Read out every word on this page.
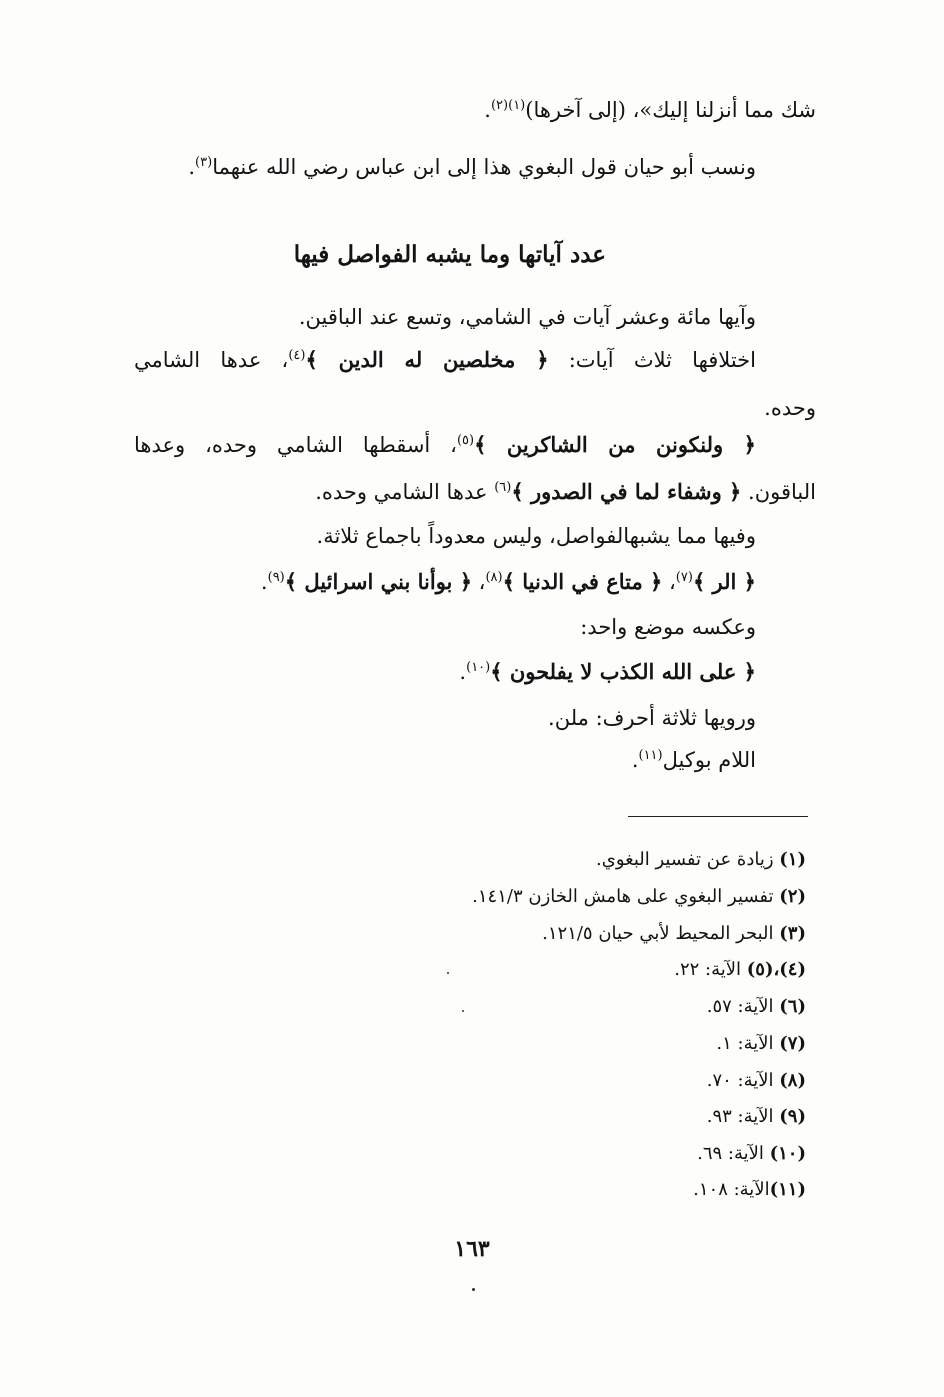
شك مما أنزلنا إليك»، (إلى آخرها)$^{(١)(٢)}$.
ونسب أبو حيان قول البغوي هذا إلى ابن عباس رضي الله عنهما$^{(٣)}$.
عدد آياتها وما يشبه الفواصل فيها
وآيها مائة وعشر آيات في الشامي، وتسع عند الباقين.
اختلافها ثلاث آيات: ﴿ مخلصين له الدين ﴾$^{(٤)}$، عدها الشامي
وحده.
﴿ ولنكونن من الشاكرين ﴾$^{(٥)}$، أسقطها الشامي وحده، وعدها
الباقون. ﴿ وشفاء لما في الصدور ﴾$^{(٦)}$ عدها الشامي وحده.
وفيها مما يشبهالفواصل، وليس معدوداً باجماع ثلاثة.
﴿ الر ﴾$^{(٧)}$، ﴿ متاع في الدنيا ﴾$^{(٨)}$، ﴿ بوأنا بني اسرائيل ﴾$^{(٩)}$.
وعكسه موضع واحد:
﴿ على الله الكذب لا يفلحون ﴾$^{(١٠)}$.
ورويها ثلاثة أحرف: ملن.
اللام بوكيل$^{(١١)}$.
(١) زيادة عن تفسير البغوي.
(٢) تفسير البغوي على هامش الخازن ١٤١/٣.
(٣) البحر المحيط لأبي حيان ١٢١/٥.
(٤)،(٥) الآية: ٢٢.
(٦) الآية: ٥٧.
(٧) الآية: ١.
(٨) الآية: ٧٠.
(٩) الآية: ٩٣.
(١٠) الآية: ٦٩.
(١١)الآية: ١٠٨.
١٦٣
